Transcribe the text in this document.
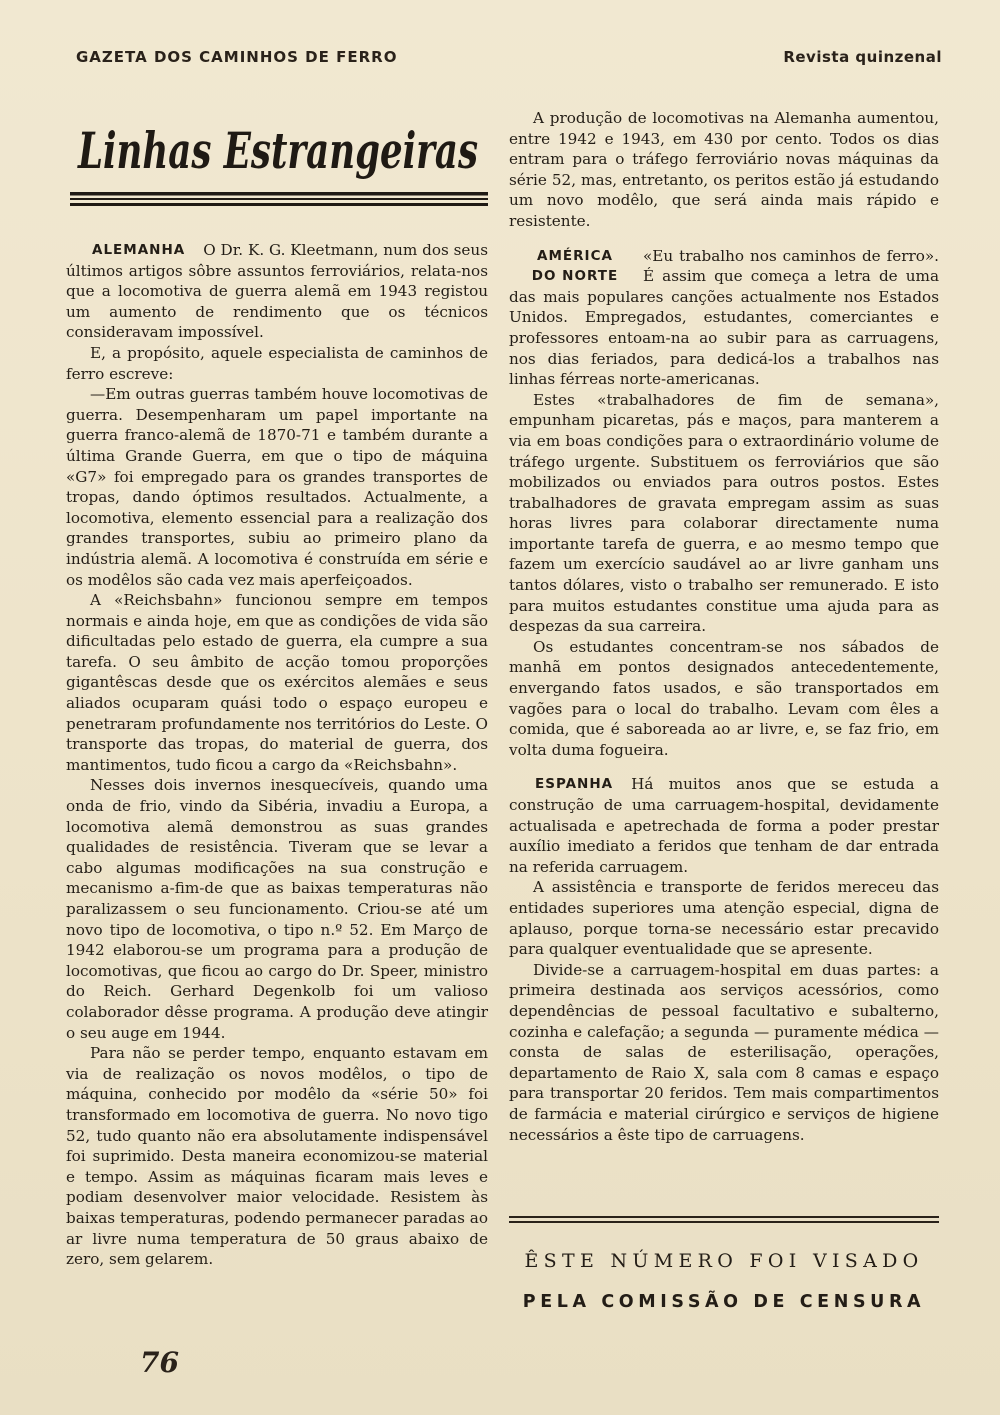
GAZETA DOS CAMINHOS DE FERRO	Revista quinzenal
Linhas Estrangeiras
ALEMANHA	O Dr. K. G. Kleetmann, num dos seus últimos artigos sôbre assuntos ferroviários, relata-nos que a locomotiva de guerra alemã em 1943 registou um aumento de rendimento que os técnicos consideravam impossível.

E, a propósito, aquele especialista de caminhos de ferro escreve:

—Em outras guerras também houve locomotivas de guerra. Desempenharam um papel importante na guerra franco-alemã de 1870-71 e também durante a última Grande Guerra, em que o tipo de máquina «G7» foi empregado para os grandes transportes de tropas, dando óptimos resultados. Actualmente, a locomotiva, elemento essencial para a realização dos grandes transportes, subiu ao primeiro plano da indústria alemã. A locomotiva é construída em série e os modêlos são cada vez mais aperfeiçoados.

A «Reichsbahn» funcionou sempre em tempos normais e ainda hoje, em que as condições de vida são dificultadas pelo estado de guerra, ela cumpre a sua tarefa. O seu âmbito de acção tomou proporções gigantêscas desde que os exércitos alemães e seus aliados ocuparam quási todo o espaço europeu e penetraram profundamente nos territórios do Leste. O transporte das tropas, do material de guerra, dos mantimentos, tudo ficou a cargo da «Reichsbahn».

Nesses dois invernos inesquecíveis, quando uma onda de frio, vindo da Sibéria, invadiu a Europa, a locomotiva alemã demonstrou as suas grandes qualidades de resistência. Tiveram que se levar a cabo algumas modificações na sua construção e mecanismo a-fim-de que as baixas temperaturas não paralizassem o seu funcionamento. Criou-se até um novo tipo de locomotiva, o tipo n.º 52. Em Março de 1942 elaborou-se um programa para a produção de locomotivas, que ficou ao cargo do Dr. Speer, ministro do Reich. Gerhard Degenkolb foi um valioso colaborador dêsse programa. A produção deve atingir o seu auge em 1944.

Para não se perder tempo, enquanto estavam em via de realização os novos modêlos, o tipo de máquina, conhecido por modêlo da «série 50» foi transformado em locomotiva de guerra. No novo tigo 52, tudo quanto não era absolutamente indispensável foi suprimido. Desta maneira economizou-se material e tempo. Assim as máquinas ficaram mais leves e podiam desenvolver maior velocidade. Resistem às baixas temperaturas, podendo permanecer paradas ao ar livre numa temperatura de 50 graus abaixo de zero, sem gelarem.

A produção de locomotivas na Alemanha aumentou, entre 1942 e 1943, em 430 por cento. Todos os dias entram para o tráfego ferroviário novas máquinas da série 52, mas, entretanto, os peritos estão já estudando um novo modêlo, que será ainda mais rápido e resistente.

AMÉRICA
DO NORTE

«Eu trabalho nos caminhos de ferro». É assim que começa a letra de uma das mais populares canções actualmente nos Estados Unidos. Empregados, estudantes, comerciantes e professores entoam-na ao subir para as carruagens, nos dias feriados, para dedicá-los a trabalhos nas linhas férreas norte-americanas.

Estes «trabalhadores de fim de semana», empunham picaretas, pás e maços, para manterem a via em boas condições para o extraordinário volume de tráfego urgente. Substituem os ferroviários que são mobilizados ou enviados para outros postos. Estes trabalhadores de gravata empregam assim as suas horas livres para colaborar directamente numa importante tarefa de guerra, e ao mesmo tempo que fazem um exercício saudável ao ar livre ganham uns tantos dólares, visto o trabalho ser remunerado. E isto para muitos estudantes constitue uma ajuda para as despezas da sua carreira.

Os estudantes concentram-se nos sábados de manhã em pontos designados antecedentemente, envergando fatos usados, e são transportados em vagões para o local do trabalho. Levam com êles a comida, que é saboreada ao ar livre, e, se faz frio, em volta duma fogueira.

ESPANHA	Há muitos anos que se estuda a construção de uma carruagem-hospital, devidamente actualisada e apetrechada de forma a poder prestar auxílio imediato a feridos que tenham de dar entrada na referida carruagem.

A assistência e transporte de feridos mereceu das entidades superiores uma atenção especial, digna de aplauso, porque torna-se necessário estar precavido para qualquer eventualidade que se apresente.

Divide-se a carruagem-hospital em duas partes: a primeira destinada aos serviços acessórios, como dependências de pessoal facultativo e subalterno, cozinha e calefação; a segunda — puramente médica — consta de salas de esterilisação, operações, departamento de Raio X, sala com 8 camas e espaço para transportar 20 feridos. Tem mais compartimentos de farmácia e material cirúrgico e serviços de higiene necessários a êste tipo de carruagens.

ÊSTE NÚMERO FOI VISADO
PELA COMISSÃO DE CENSURA
76
